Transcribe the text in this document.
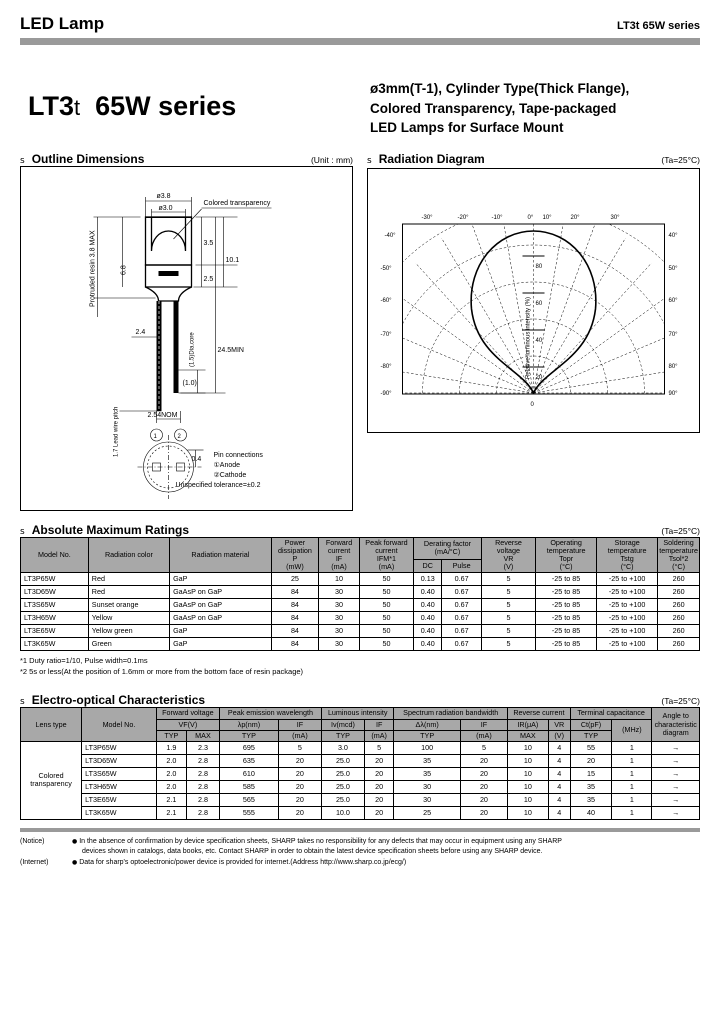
LED Lamp	LT3t 65W series
LT3t 65W series
ø3mm(T-1), Cylinder Type(Thick Flange),
Colored Transparency, Tape-packaged
LED Lamps for Surface Mount
s Outline Dimensions	(Unit : mm)
ø3.8
ø3.0
Colored transparency
3.5
2.5
10.1
24.5MIN
2.4
(1.0)
2.54NOM
1	2
0.4
Pin connections
①Anode
②Cathode
Unspecified tolerance=±0.2
Protruded resin 3.8 MAX	6.8
(1.5)Dia.core
1.7 Lead wire pitch
s Radiation Diagram	(Ta=25°C)
-30°	-20°	-10°	0° 10°	20°	30°
-40°
-50°
-60°
-70°
-80°
-90°
40°
50°
60°
70°
80°
90°
80
60
40
20
0
Relative luminous intensity (%)
s Absolute Maximum Ratings	(Ta=25°C)
Model No.	Radiation color	Radiation material	Power dissipation
P
(mW)	Forward current
IF
(mA)	Peak forward current
IFM*1
(mA)	Derating factor
(mA/°C)		Reverse voltage
VR
(V)	Operating temperature
Topr
(°C)	Storage temperature
Tstg
(°C)	Soldering temperature
Tsol*2
(°C)
						DC	Pulse				
LT3P65W	Red	GaP	25	10	50	0.13	0.67	5	-25 to 85	-25 to +100	260
LT3D65W	Red	GaAsP on GaP	84	30	50	0.40	0.67	5	-25 to 85	-25 to +100	260
LT3S65W	Sunset orange	GaAsP on GaP	84	30	50	0.40	0.67	5	-25 to 85	-25 to +100	260
LT3H65W	Yellow	GaAsP on GaP	84	30	50	0.40	0.67	5	-25 to 85	-25 to +100	260
LT3E65W	Yellow green	GaP	84	30	50	0.40	0.67	5	-25 to 85	-25 to +100	260
LT3K65W	Green	GaP	84	30	50	0.40	0.67	5	-25 to 85	-25 to +100	260
*1 Duty ratio=1/10, Pulse width=0.1ms
*2 5s or less(At the position of 1.6mm or more from the bottom face of resin package)
s Electro-optical Characteristics	(Ta=25°C)
Lens type	Model No.	Forward voltage		Peak emission wavelength		Luminous intensity		Spectrum radiation bandwidth		Reverse current		Terminal capacitance		Angle to characteristic diagram
		VF(V)		λp(nm)	IF	Iv(mcd)	IF	Δλ(nm)	IF	IR(μA)	VR	Ct(pF)	(MHz)	
		TYP	MAX	TYP	(mA)	TYP	(mA)	TYP	(mA)	MAX	(V)	TYP		

Colored
transparency	LT3P65W	1.9	2.3	695	5	3.0	5	100	5	10	4	55	1	→
	LT3D65W	2.0	2.8	635	20	25.0	20	35	20	10	4	20	1	→
	LT3S65W	2.0	2.8	610	20	25.0	20	35	20	10	4	15	1	→
	LT3H65W	2.0	2.8	585	20	25.0	20	30	20	10	4	35	1	→
	LT3E65W	2.1	2.8	565	20	25.0	20	30	20	10	4	35	1	→
	LT3K65W	2.1	2.8	555	20	10.0	20	25	20	10	4	40	1	→
(Notice)	● In the absence of confirmation by device specification sheets, SHARP takes no responsibility for any defects that may occur in equipment using any SHARP
devices shown in catalogs, data books, etc. Contact SHARP in order to obtain the latest device specification sheets before using any SHARP device.
(Internet)	● Data for sharp's optoelectronic/power device is provided for internet.(Address http://www.sharp.co.jp/ecg/)
